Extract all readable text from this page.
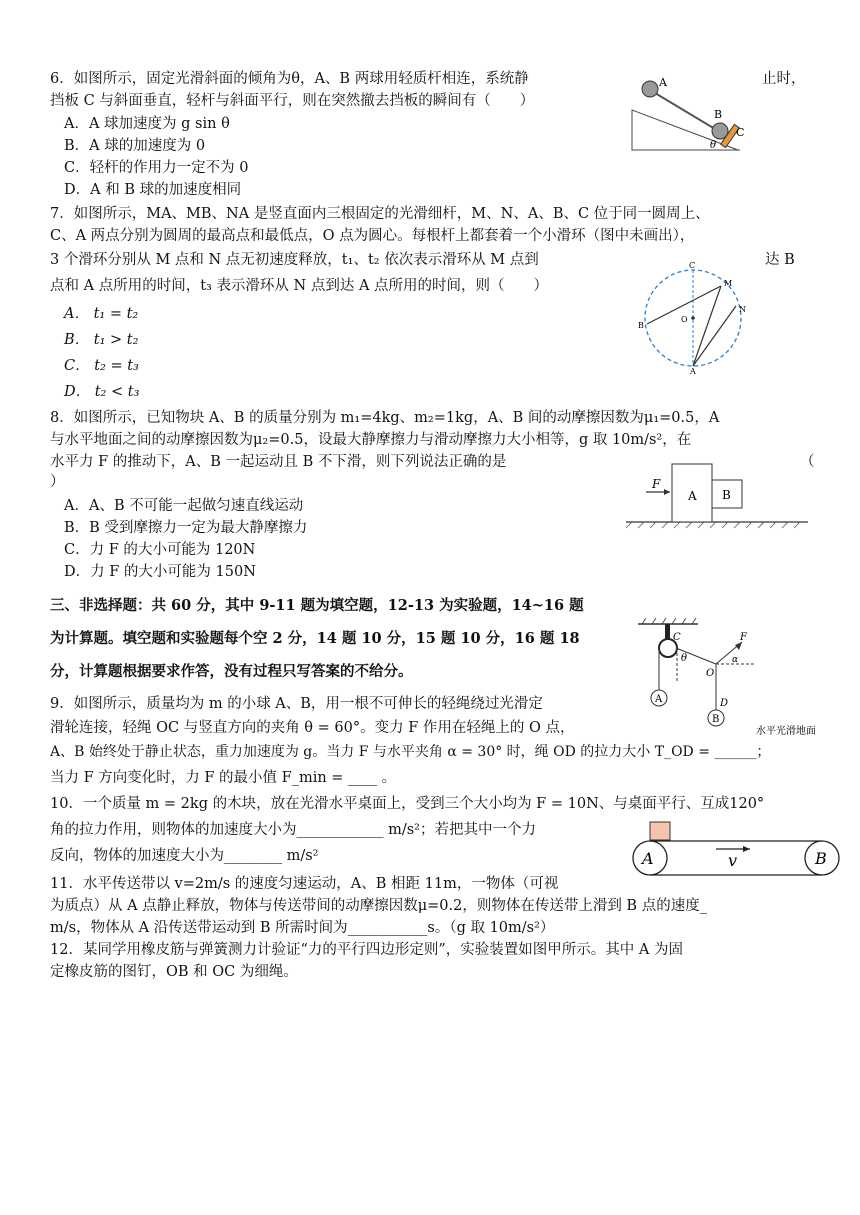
6．如图所示，固定光滑斜面的倾角为θ，A、B 两球用轻质杆相连，系统静	止时，
挡板 C 与斜面垂直，轻杆与斜面平行，则在突然撤去挡板的瞬间有（　　）
A．A 球加速度为 g sin θ
B．A 球的加速度为 0
C．轻杆的作用力一定不为 0
D．A 和 B 球的加速度相同
A
B
C
θ
7．如图所示，MA、MB、NA 是竖直面内三根固定的光滑细杆，M、N、A、B、C 位于同一圆周上、
C、A 两点分别为圆周的最高点和最低点，O 点为圆心。每根杆上都套着一个小滑环（图中未画出），
3 个滑环分别从 M 点和 N 点无初速度释放，t₁、t₂ 依次表示滑环从 M 点到	达 B
点和 A 点所用的时间，t₃ 表示滑环从 N 点到达 A 点所用的时间，则（　　）
A． t₁ = t₂
B． t₁ > t₂
C． t₂ = t₃
D． t₂ < t₃
C
M
N
O
B
A
8．如图所示，已知物块 A、B 的质量分别为 m₁=4kg、m₂=1kg，A、B 间的动摩擦因数为μ₁=0.5，A
与水平地面之间的动摩擦因数为μ₂=0.5，设最大静摩擦力与滑动摩擦力大小相等，g 取 10m/s²，在
水平力 F 的推动下，A、B 一起运动且 B 不下滑，则下列说法正确的是	（
）
A．A、B 不可能一起做匀速直线运动
B．B 受到摩擦力一定为最大静摩擦力
C．力 F 的大小可能为 120N
D．力 F 的大小可能为 150N
F
A B
三、非选择题：共 60 分，其中 9-11 题为填空题，12-13 为实验题，14~16 题
为计算题。填空题和实验题每个空 2 分，14 题 10 分，15 题 10 分，16 题 18
分，计算题根据要求作答，没有过程只写答案的不给分。
9．如图所示，质量均为 m 的小球 A、B，用一根不可伸长的轻绳绕过光滑定
滑轮连接，轻绳 OC 与竖直方向的夹角 θ = 60°。变力 F 作用在轻绳上的 O 点，
A、B 始终处于静止状态，重力加速度为 g。当力 F 与水平夹角 α = 30° 时，绳 OD 的拉力大小 T_OD = ______；
当力 F 方向变化时，力 F 的最小值 F_min = ____ 。
C
θ
F
α
O
D
A
B
水平光滑地面
10．一个质量 m = 2kg 的木块，放在光滑水平桌面上，受到三个大小均为 F = 10N、与桌面平行、互成120°
角的拉力作用，则物体的加速度大小为____________ m/s²；若把其中一个力
反向，物体的加速度大小为________ m/s²	A	v	B
11．水平传送带以 v=2m/s 的速度匀速运动，A、B 相距 11m，一物体（可视
为质点）从 A 点静止释放，物体与传送带间的动摩擦因数μ=0.2，则物体在传送带上滑到 B 点的速度_
m/s，物体从 A 沿传送带运动到 B 所需时间为___________s。（g 取 10m/s²）
12．某同学用橡皮筋与弹簧测力计验证“力的平行四边形定则”，实验装置如图甲所示。其中 A 为固
定橡皮筋的图钉，OB 和 OC 为细绳。
